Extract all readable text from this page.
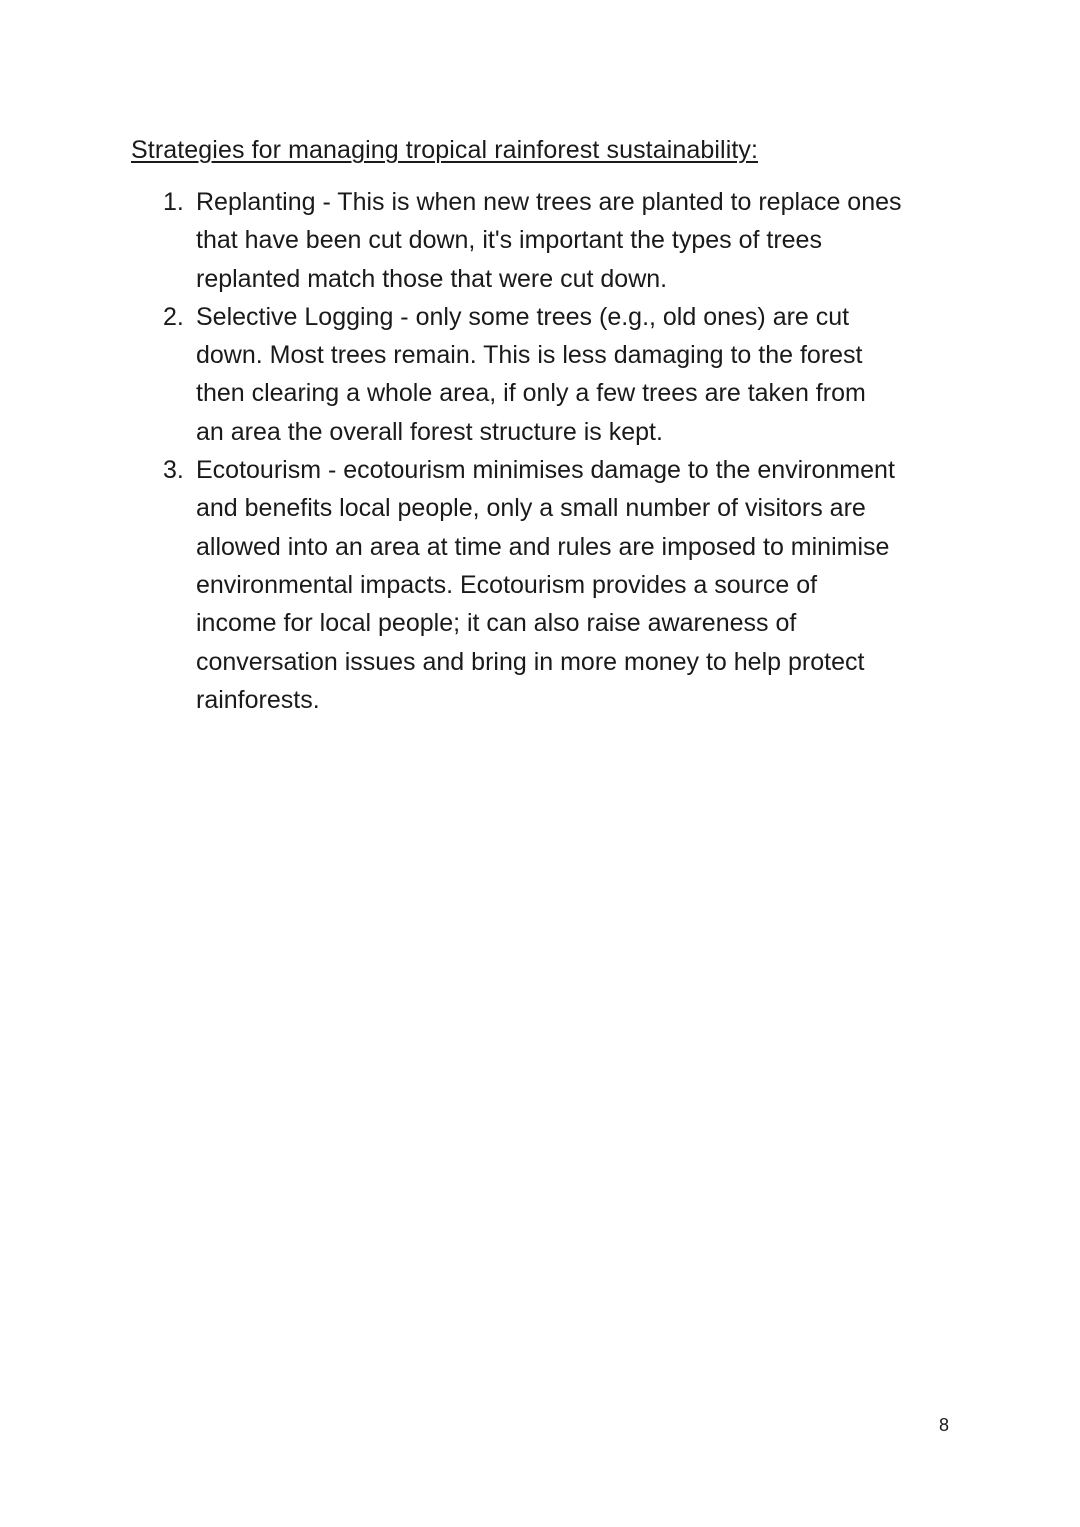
Strategies for managing tropical rainforest sustainability:
1. Replanting - This is when new trees are planted to replace ones
that have been cut down, it's important the types of trees
replanted match those that were cut down.
2. Selective Logging - only some trees (e.g., old ones) are cut
down. Most trees remain. This is less damaging to the forest
then clearing a whole area, if only a few trees are taken from
an area the overall forest structure is kept.
3. Ecotourism - ecotourism minimises damage to the environment
and benefits local people, only a small number of visitors are
allowed into an area at time and rules are imposed to minimise
environmental impacts. Ecotourism provides a source of
income for local people; it can also raise awareness of
conversation issues and bring in more money to help protect
rainforests.
8
